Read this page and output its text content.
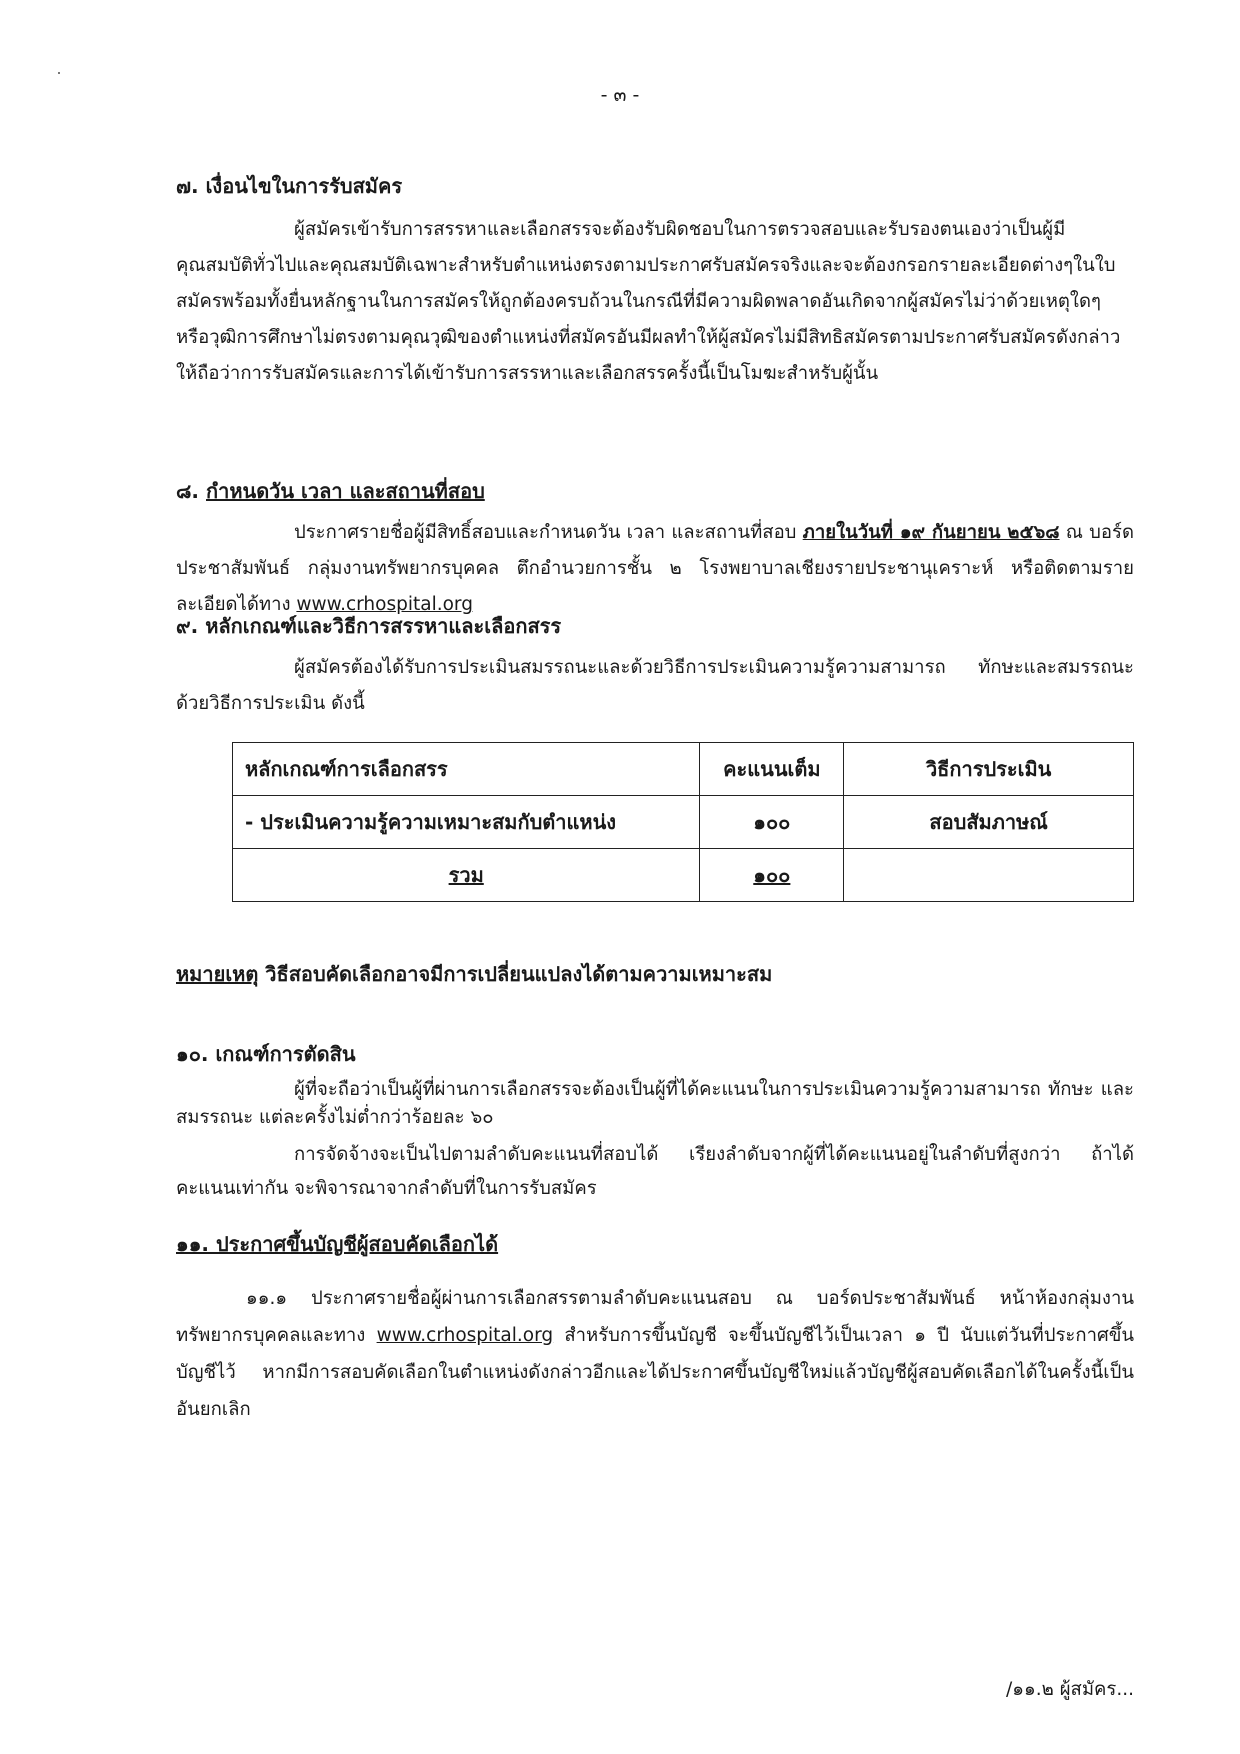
- ๓ -

๗. เงื่อนไขในการรับสมัคร

ผู้สมัครเข้ารับการสรรหาและเลือกสรรจะต้องรับผิดชอบในการตรวจสอบและรับรองตนเองว่าเป็นผู้มีคุณสมบัติทั่วไปและคุณสมบัติเฉพาะสำหรับตำแหน่งตรงตามประกาศรับสมัครจริงและจะต้องกรอกรายละเอียดต่างๆในใบสมัครพร้อมทั้งยื่นหลักฐานในการสมัครให้ถูกต้องครบถ้วนในกรณีที่มีความผิดพลาดอันเกิดจากผู้สมัครไม่ว่าด้วยเหตุใดๆหรือวุฒิการศึกษาไม่ตรงตามคุณวุฒิของตำแหน่งที่สมัครอันมีผลทำให้ผู้สมัครไม่มีสิทธิสมัครตามประกาศรับสมัครดังกล่าว ให้ถือว่าการรับสมัครและการได้เข้ารับการสรรหาและเลือกสรรครั้งนี้เป็นโมฆะสำหรับผู้นั้น

๘. กำหนดวัน เวลา และสถานที่สอบ

ประกาศรายชื่อผู้มีสิทธิ์สอบและกำหนดวัน เวลา และสถานที่สอบ ภายในวันที่ ๑๙ กันยายน ๒๕๖๘ ณ บอร์ดประชาสัมพันธ์ กลุ่มงานทรัพยากรบุคคล ตึกอำนวยการชั้น ๒ โรงพยาบาลเชียงรายประชานุเคราะห์ หรือติดตามรายละเอียดได้ทาง www.crhospital.org

๙. หลักเกณฑ์และวิธีการสรรหาและเลือกสรร

ผู้สมัครต้องได้รับการประเมินสมรรถนะและด้วยวิธีการประเมินความรู้ความสามารถ ทักษะและสมรรถนะด้วยวิธีการประเมิน ดังนี้

หลักเกณฑ์การเลือกสรร	คะแนนเต็ม	วิธีการประเมิน
- ประเมินความรู้ความเหมาะสมกับตำแหน่ง	๑๐๐	สอบสัมภาษณ์
รวม	๑๐๐	

หมายเหตุ วิธีสอบคัดเลือกอาจมีการเปลี่ยนแปลงได้ตามความเหมาะสม

๑๐. เกณฑ์การตัดสิน

ผู้ที่จะถือว่าเป็นผู้ที่ผ่านการเลือกสรรจะต้องเป็นผู้ที่ได้คะแนนในการประเมินความรู้ความสามารถ ทักษะ และสมรรถนะ แต่ละครั้งไม่ต่ำกว่าร้อยละ ๖๐

การจัดจ้างจะเป็นไปตามลำดับคะแนนที่สอบได้ เรียงลำดับจากผู้ที่ได้คะแนนอยู่ในลำดับที่สูงกว่า ถ้าได้คะแนนเท่ากัน จะพิจารณาจากลำดับที่ในการรับสมัคร

๑๑. ประกาศขึ้นบัญชีผู้สอบคัดเลือกได้

๑๑.๑ ประกาศรายชื่อผู้ผ่านการเลือกสรรตามลำดับคะแนนสอบ ณ บอร์ดประชาสัมพันธ์ หน้าห้องกลุ่มงานทรัพยากรบุคคลและทาง www.crhospital.org สำหรับการขึ้นบัญชี จะขึ้นบัญชีไว้เป็นเวลา ๑ ปี นับแต่วันที่ประกาศขึ้นบัญชีไว้ หากมีการสอบคัดเลือกในตำแหน่งดังกล่าวอีกและได้ประกาศขึ้นบัญชีใหม่แล้วบัญชีผู้สอบคัดเลือกได้ในครั้งนี้เป็นอันยกเลิก

/๑๑.๒ ผู้สมัคร...
